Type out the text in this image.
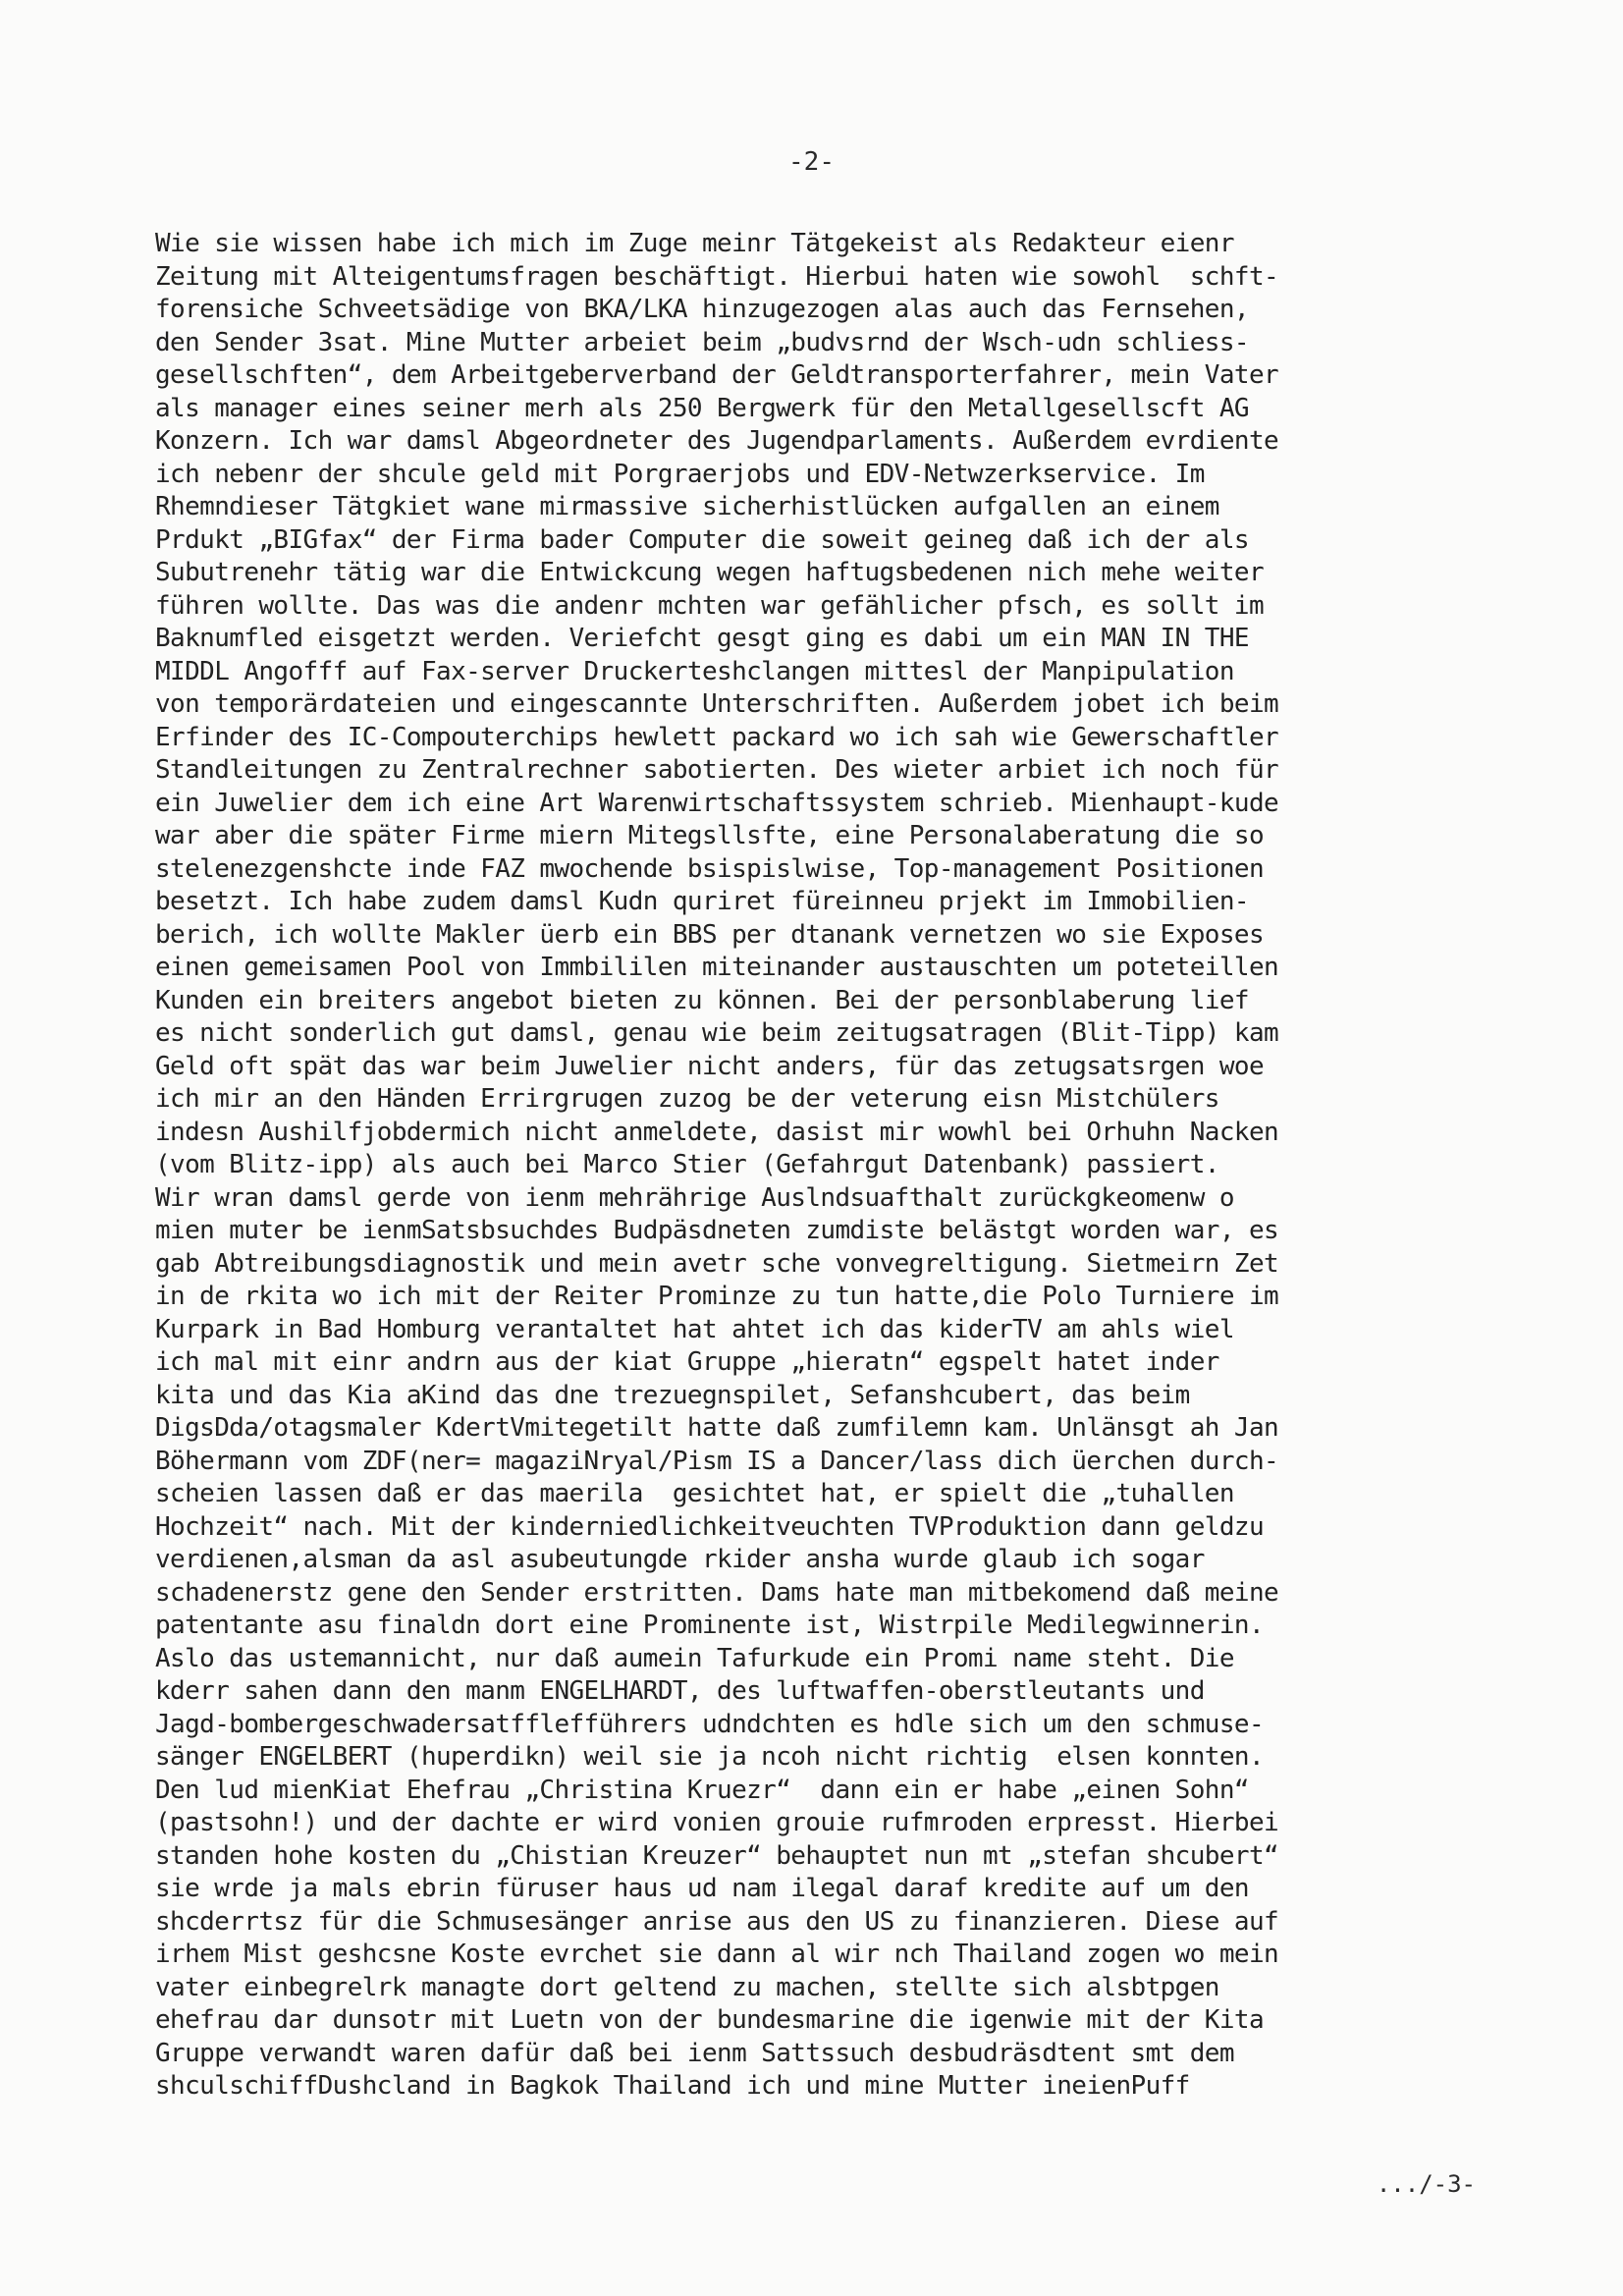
-2-
Wie sie wissen habe ich mich im Zuge meinr Tätgekeist als Redakteur eienr
Zeitung mit Alteigentumsfragen beschäftigt. Hierbui haten wie sowohl  schft-
forensiche Schveetsädige von BKA/LKA hinzugezogen alas auch das Fernsehen,
den Sender 3sat. Mine Mutter arbeiet beim „budvsrnd der Wsch-udn schliess-
gesellschften“, dem Arbeitgeberverband der Geldtransporterfahrer, mein Vater
als manager eines seiner merh als 250 Bergwerk für den Metallgesellscft AG
Konzern. Ich war damsl Abgeordneter des Jugendparlaments. Außerdem evrdiente
ich nebenr der shcule geld mit Porgraerjobs und EDV-Netwzerkservice. Im
Rhemndieser Tätgkiet wane mirmassive sicherhistlücken aufgallen an einem
Prdukt „BIGfax“ der Firma bader Computer die soweit geineg daß ich der als
Subutrenehr tätig war die Entwickcung wegen haftugsbedenen nich mehe weiter
führen wollte. Das was die andenr mchten war gefählicher pfsch, es sollt im
Baknumfled eisgetzt werden. Veriefcht gesgt ging es dabi um ein MAN IN THE
MIDDL Angofff auf Fax-server Druckerteshclangen mittesl der Manpipulation
von temporärdateien und eingescannte Unterschriften. Außerdem jobet ich beim
Erfinder des IC-Compouterchips hewlett packard wo ich sah wie Gewerschaftler
Standleitungen zu Zentralrechner sabotierten. Des wieter arbiet ich noch für
ein Juwelier dem ich eine Art Warenwirtschaftssystem schrieb. Mienhaupt-kude
war aber die später Firme miern Mitegsllsfte, eine Personalaberatung die so
stelenezgenshcte inde FAZ mwochende bsispislwise, Top-management Positionen
besetzt. Ich habe zudem damsl Kudn quriret füreinneu prjekt im Immobilien-
berich, ich wollte Makler üerb ein BBS per dtanank vernetzen wo sie Exposes
einen gemeisamen Pool von Immbililen miteinander austauschten um poteteillen
Kunden ein breiters angebot bieten zu können. Bei der personblaberung lief
es nicht sonderlich gut damsl, genau wie beim zeitugsatragen (Blit-Tipp) kam
Geld oft spät das war beim Juwelier nicht anders, für das zetugsatsrgen woe
ich mir an den Händen Errirgrugen zuzog be der veterung eisn Mistchülers
indesn Aushilfjobdermich nicht anmeldete, dasist mir wowhl bei Orhuhn Nacken
(vom Blitz-ipp) als auch bei Marco Stier (Gefahrgut Datenbank) passiert.
Wir wran damsl gerde von ienm mehrährige Auslndsuafthalt zurückgkeomenw o
mien muter be ienmSatsbsuchdes Budpäsdneten zumdiste belästgt worden war, es
gab Abtreibungsdiagnostik und mein avetr sche vonvegreltigung. Sietmeirn Zet
in de rkita wo ich mit der Reiter Prominze zu tun hatte,die Polo Turniere im
Kurpark in Bad Homburg verantaltet hat ahtet ich das kiderTV am ahls wiel
ich mal mit einr andrn aus der kiat Gruppe „hieratn“ egspelt hatet inder
kita und das Kia aKind das dne trezuegnspilet, Sefanshcubert, das beim
DigsDda/otagsmaler KdertVmitegetilt hatte daß zumfilemn kam. Unlänsgt ah Jan
Böhermann vom ZDF(ner= magaziNryal/Pism IS a Dancer/lass dich üerchen durch-
scheien lassen daß er das maerila  gesichtet hat, er spielt die „tuhallen
Hochzeit“ nach. Mit der kinderniedlichkeitveuchten TVProduktion dann geldzu
verdienen,alsman da asl asubeutungde rkider ansha wurde glaub ich sogar
schadenerstz gene den Sender erstritten. Dams hate man mitbekomend daß meine
patentante asu finaldn dort eine Prominente ist, Wistrpile Medilegwinnerin.
Aslo das ustemannicht, nur daß aumein Tafurkude ein Promi name steht. Die
kderr sahen dann den manm ENGELHARDT, des luftwaffen-oberstleutants und
Jagd-bombergeschwadersatfflefführers udndchten es hdle sich um den schmuse-
sänger ENGELBERT (huperdikn) weil sie ja ncoh nicht richtig  elsen konnten.
Den lud mienKiat Ehefrau „Christina Kruezr“  dann ein er habe „einen Sohn“
(pastsohn!) und der dachte er wird vonien grouie rufmroden erpresst. Hierbei
standen hohe kosten du „Chistian Kreuzer“ behauptet nun mt „stefan shcubert“
sie wrde ja mals ebrin füruser haus ud nam ilegal daraf kredite auf um den
shcderrtsz für die Schmusesänger anrise aus den US zu finanzieren. Diese auf
irhem Mist geshcsne Koste evrchet sie dann al wir nch Thailand zogen wo mein
vater einbegrelrk managte dort geltend zu machen, stellte sich alsbtpgen
ehefrau dar dunsotr mit Luetn von der bundesmarine die igenwie mit der Kita
Gruppe verwandt waren dafür daß bei ienm Sattssuch desbudräsdtent smt dem
shculschiffDushcland in Bagkok Thailand ich und mine Mutter ineienPuff
.../-3-
